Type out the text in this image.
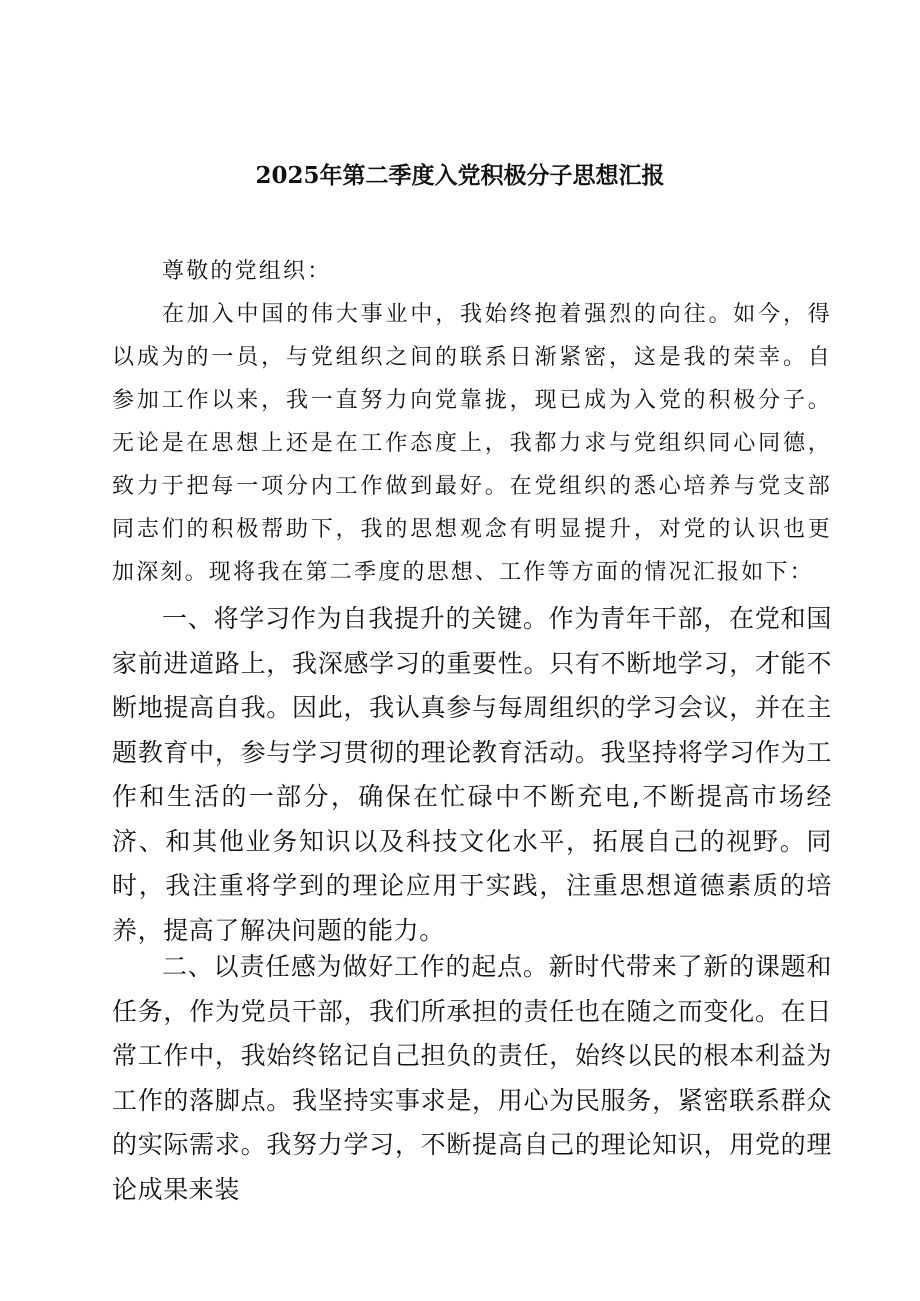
2025年第二季度入党积极分子思想汇报
尊敬的党组织：
在加入中国的伟大事业中，我始终抱着强烈的向往。如今，得以成为的一员，与党组织之间的联系日渐紧密，这是我的荣幸。自参加工作以来，我一直努力向党靠拢，现已成为入党的积极分子。无论是在思想上还是在工作态度上，我都力求与党组织同心同德，致力于把每一项分内工作做到最好。在党组织的悉心培养与党支部同志们的积极帮助下，我的思想观念有明显提升，对党的认识也更加深刻。现将我在第二季度的思想、工作等方面的情况汇报如下：
一、将学习作为自我提升的关键。作为青年干部，在党和国家前进道路上，我深感学习的重要性。只有不断地学习，才能不断地提高自我。因此，我认真参与每周组织的学习会议，并在主题教育中，参与学习贯彻的理论教育活动。我坚持将学习作为工作和生活的一部分，确保在忙碌中不断充电,不断提高市场经济、和其他业务知识以及科技文化水平，拓展自己的视野。同时，我注重将学到的理论应用于实践，注重思想道德素质的培养，提高了解决问题的能力。
二、以责任感为做好工作的起点。新时代带来了新的课题和任务，作为党员干部，我们所承担的责任也在随之而变化。在日常工作中，我始终铭记自己担负的责任，始终以民的根本利益为工作的落脚点。我坚持实事求是，用心为民服务，紧密联系群众的实际需求。我努力学习，不断提高自己的理论知识，用党的理论成果来装
